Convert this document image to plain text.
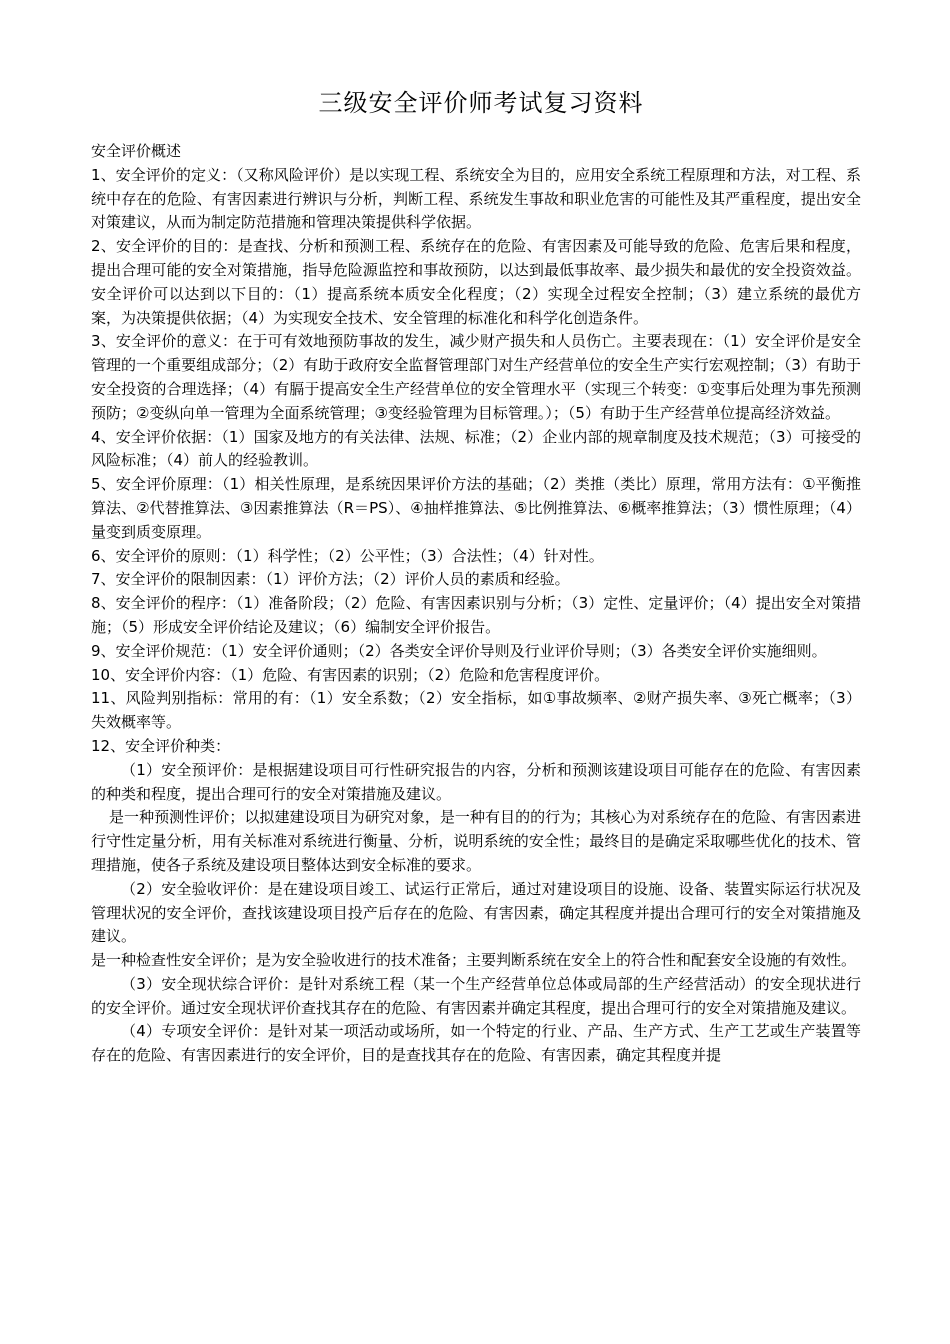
三级安全评价师考试复习资料

安全评价概述

1、安全评价的定义：（又称风险评价）是以实现工程、系统安全为目的，应用安全系统工程原理和方法，对工程、系统中存在的危险、有害因素进行辨识与分析，判断工程、系统发生事故和职业危害的可能性及其严重程度，提出安全对策建议，从而为制定防范措施和管理决策提供科学依据。

2、安全评价的目的：是查找、分析和预测工程、系统存在的危险、有害因素及可能导致的危险、危害后果和程度，提出合理可能的安全对策措施，指导危险源监控和事故预防，以达到最低事故率、最少损失和最优的安全投资效益。安全评价可以达到以下目的：（1）提高系统本质安全化程度；（2）实现全过程安全控制；（3）建立系统的最优方案，为决策提供依据；（4）为实现安全技术、安全管理的标准化和科学化创造条件。

3、安全评价的意义：在于可有效地预防事故的发生，减少财产损失和人员伤亡。主要表现在：（1）安全评价是安全管理的一个重要组成部分；（2）有助于政府安全监督管理部门对生产经营单位的安全生产实行宏观控制；（3）有助于安全投资的合理选择；（4）有膈于提高安全生产经营单位的安全管理水平（实现三个转变：①变事后处理为事先预测预防；②变纵向单一管理为全面系统管理；③变经验管理为目标管理。）；（5）有助于生产经营单位提高经济效益。

4、安全评价依据：（1）国家及地方的有关法律、法规、标准；（2）企业内部的规章制度及技术规范；（3）可接受的风险标准；（4）前人的经验教训。

5、安全评价原理：（1）相关性原理，是系统因果评价方法的基础；（2）类推（类比）原理，常用方法有：①平衡推算法、②代替推算法、③因素推算法（R＝PS）、④抽样推算法、⑤比例推算法、⑥概率推算法；（3）惯性原理；（4）量变到质变原理。

6、安全评价的原则：（1）科学性；（2）公平性；（3）合法性；（4）针对性。

7、安全评价的限制因素：（1）评价方法；（2）评价人员的素质和经验。

8、安全评价的程序：（1）准备阶段；（2）危险、有害因素识别与分析；（3）定性、定量评价；（4）提出安全对策措施；（5）形成安全评价结论及建议；（6）编制安全评价报告。

9、安全评价规范：（1）安全评价通则；（2）各类安全评价导则及行业评价导则；（3）各类安全评价实施细则。

10、安全评价内容：（1）危险、有害因素的识别；（2）危险和危害程度评价。

11、风险判别指标：常用的有：（1）安全系数；（2）安全指标，如①事故频率、②财产损失率、③死亡概率；（3）失效概率等。

12、安全评价种类：

（1）安全预评价：是根据建设项目可行性研究报告的内容，分析和预测该建设项目可能存在的危险、有害因素的种类和程度，提出合理可行的安全对策措施及建议。

是一种预测性评价；以拟建建设项目为研究对象，是一种有目的的行为；其核心为对系统存在的危险、有害因素进行守性定量分析，用有关标准对系统进行衡量、分析，说明系统的安全性；最终目的是确定采取哪些优化的技术、管理措施，使各子系统及建设项目整体达到安全标准的要求。

（2）安全验收评价：是在建设项目竣工、试运行正常后，通过对建设项目的设施、设备、装置实际运行状况及管理状况的安全评价，查找该建设项目投产后存在的危险、有害因素，确定其程度并提出合理可行的安全对策措施及建议。

是一种检查性安全评价；是为安全验收进行的技术准备；主要判断系统在安全上的符合性和配套安全设施的有效性。

（3）安全现状综合评价：是针对系统工程（某一个生产经营单位总体或局部的生产经营活动）的安全现状进行的安全评价。通过安全现状评价查找其存在的危险、有害因素并确定其程度，提出合理可行的安全对策措施及建议。

（4）专项安全评价：是针对某一项活动或场所，如一个特定的行业、产品、生产方式、生产工艺或生产装置等存在的危险、有害因素进行的安全评价，目的是查找其存在的危险、有害因素，确定其程度并提
